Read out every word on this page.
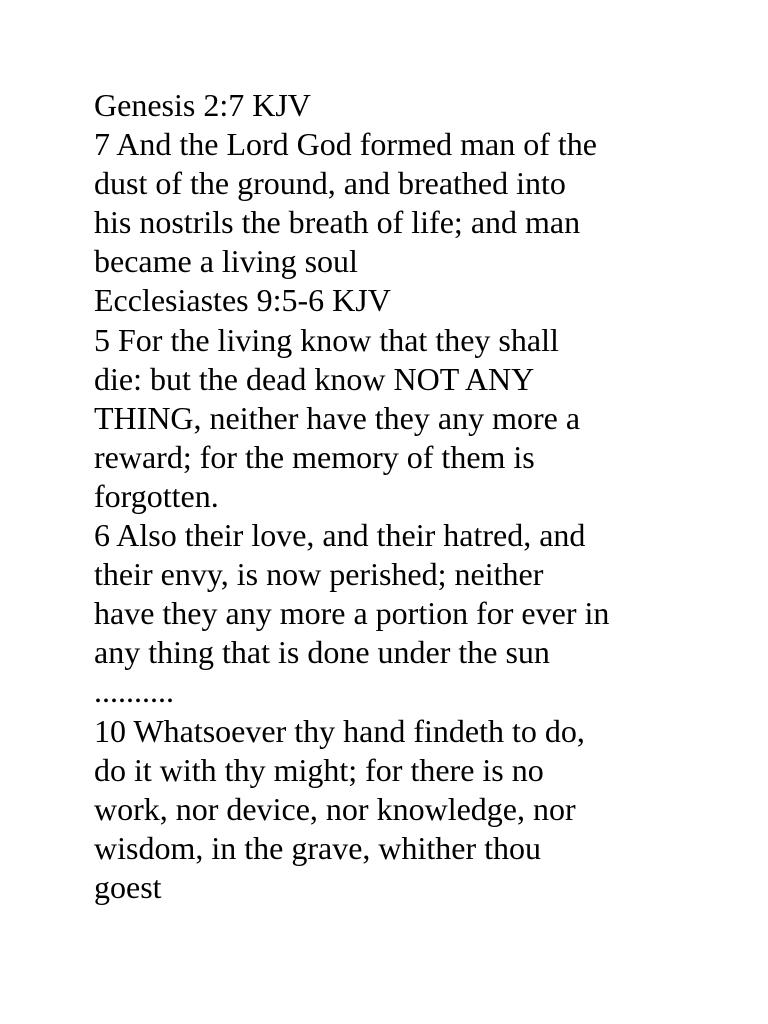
Genesis 2:7 KJV
7 And the Lord God formed man of the
dust of the ground, and breathed into
his nostrils the breath of life; and man
became a living soul
Ecclesiastes 9:5-6 KJV
5 For the living know that they shall
die: but the dead know NOT ANY
THING, neither have they any more a
reward; for the memory of them is
forgotten.
6 Also their love, and their hatred, and
their envy, is now perished; neither
have they any more a portion for ever in
any thing that is done under the sun
..........
10 Whatsoever thy hand findeth to do,
do it with thy might; for there is no
work, nor device, nor knowledge, nor
wisdom, in the grave, whither thou
goest
